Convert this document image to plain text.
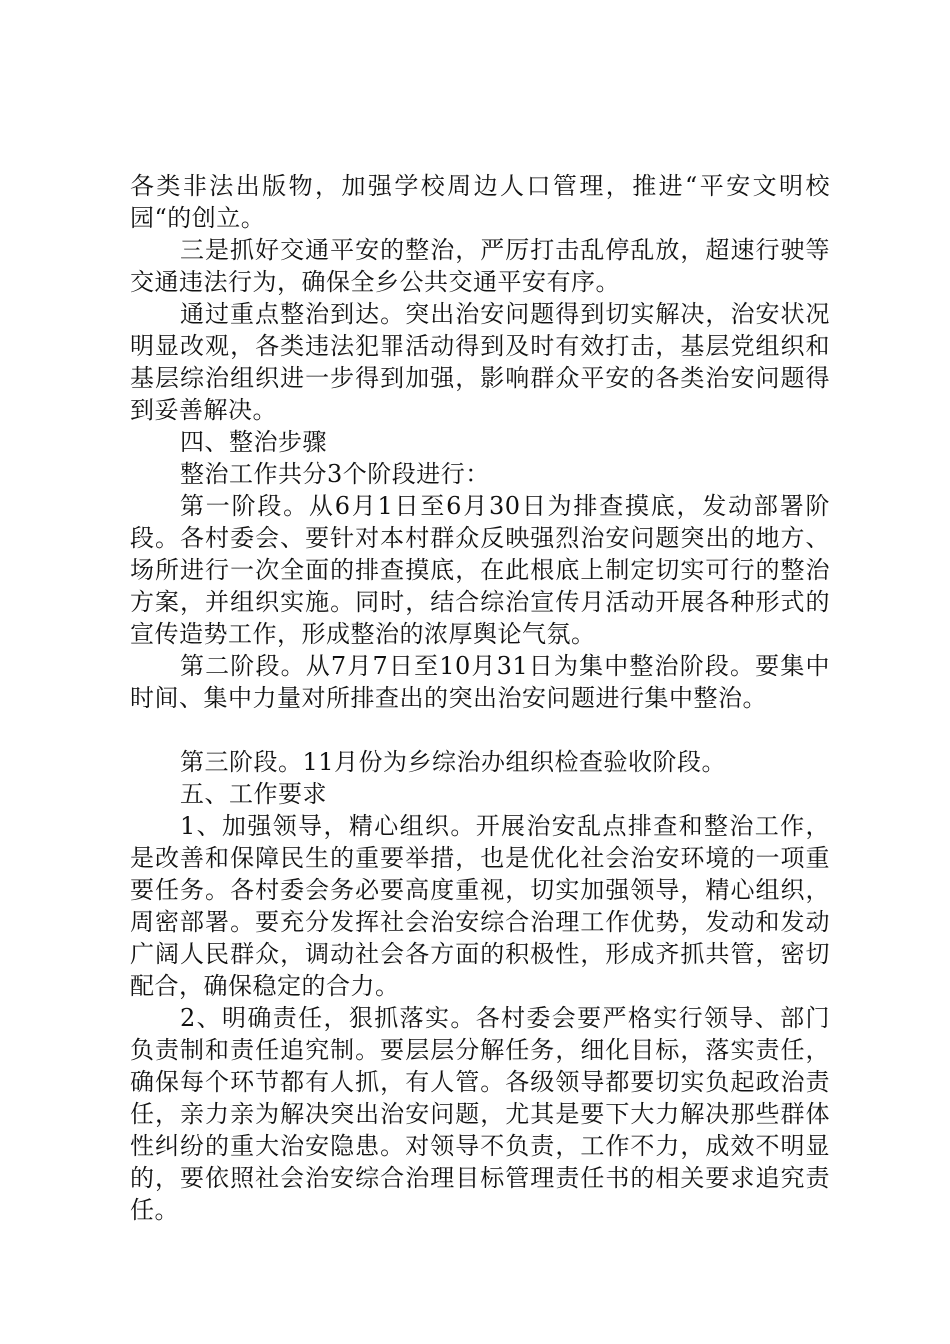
各类非法出版物，加强学校周边人口管理，推进“平安文明校园“的创立。

三是抓好交通平安的整治，严厉打击乱停乱放，超速行驶等交通违法行为，确保全乡公共交通平安有序。

通过重点整治到达。突出治安问题得到切实解决，治安状况明显改观，各类违法犯罪活动得到及时有效打击，基层党组织和基层综治组织进一步得到加强，影响群众平安的各类治安问题得到妥善解决。

四、整治步骤

整治工作共分3个阶段进行：

第一阶段。从6月1日至6月30日为排查摸底，发动部署阶段。各村委会、要针对本村群众反映强烈治安问题突出的地方、场所进行一次全面的排查摸底，在此根底上制定切实可行的整治方案，并组织实施。同时，结合综治宣传月活动开展各种形式的宣传造势工作，形成整治的浓厚舆论气氛。

第二阶段。从7月7日至10月31日为集中整治阶段。要集中时间、集中力量对所排查出的突出治安问题进行集中整治。

第三阶段。11月份为乡综治办组织检查验收阶段。

五、工作要求

1、加强领导，精心组织。开展治安乱点排查和整治工作，是改善和保障民生的重要举措，也是优化社会治安环境的一项重要任务。各村委会务必要高度重视，切实加强领导，精心组织，周密部署。要充分发挥社会治安综合治理工作优势，发动和发动广阔人民群众，调动社会各方面的积极性，形成齐抓共管，密切配合，确保稳定的合力。

2、明确责任，狠抓落实。各村委会要严格实行领导、部门负责制和责任追究制。要层层分解任务，细化目标，落实责任，确保每个环节都有人抓，有人管。各级领导都要切实负起政治责任，亲力亲为解决突出治安问题，尤其是要下大力解决那些群体性纠纷的重大治安隐患。对领导不负责，工作不力，成效不明显的，要依照社会治安综合治理目标管理责任书的相关要求追究责任。
